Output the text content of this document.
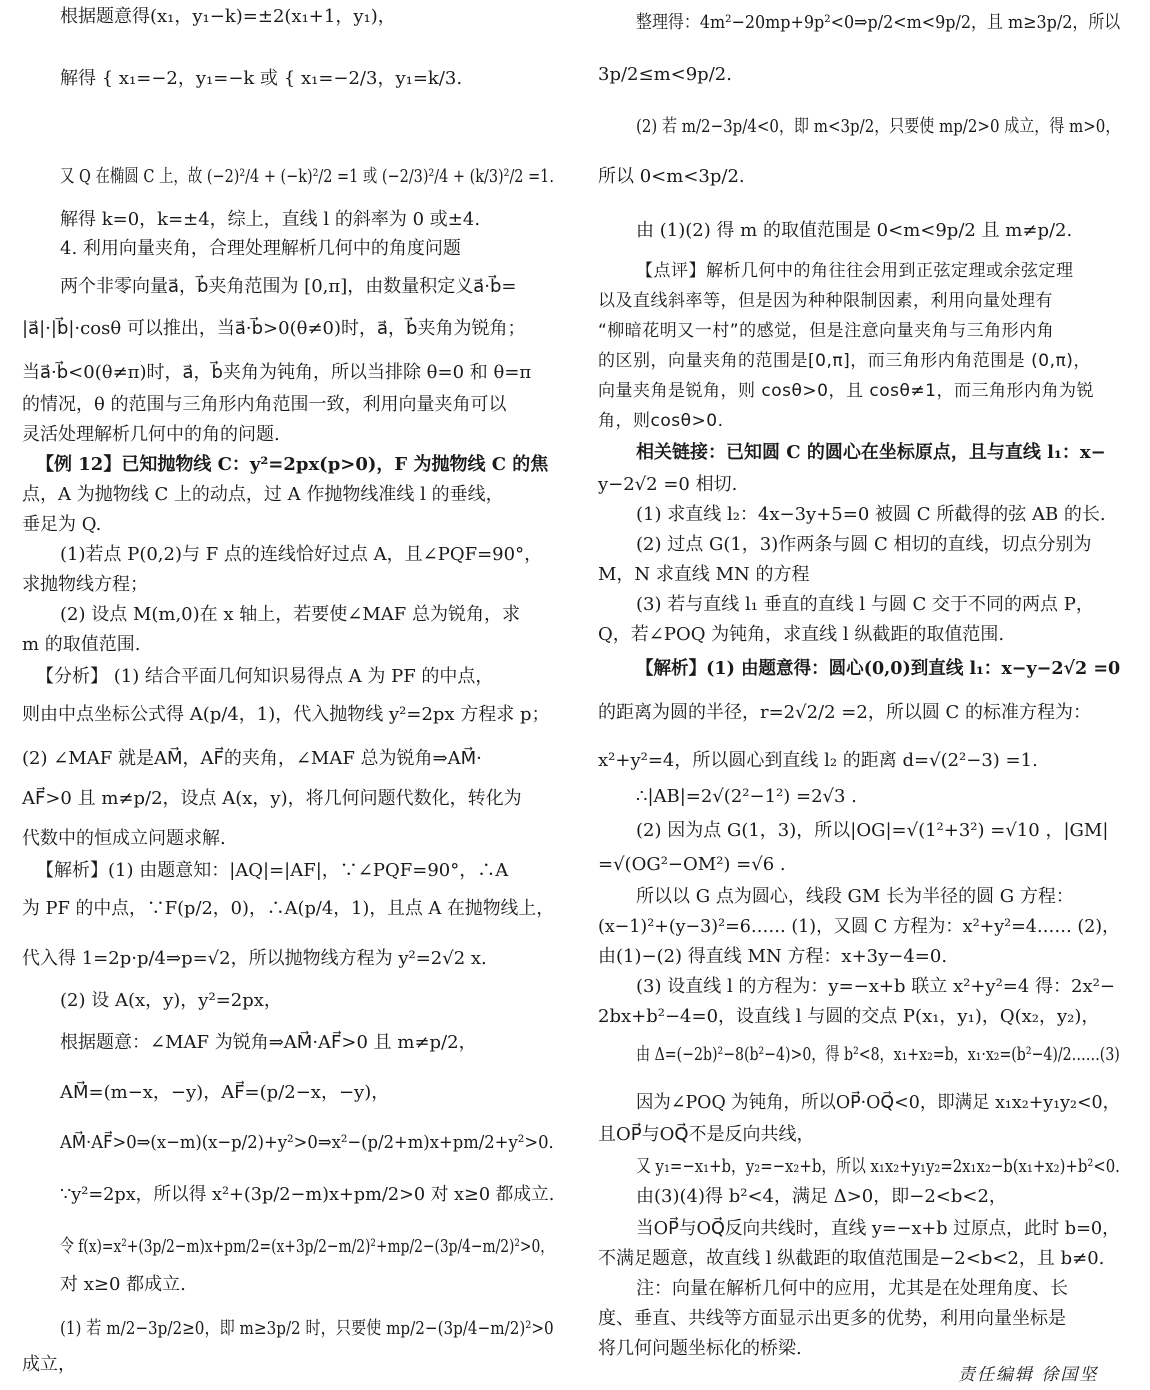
根据题意得(x₁，y₁−k)=±2(x₁+1，y₁)，
解得 { x₁=−2，y₁=−k 或 { x₁=−2/3，y₁=k/3.
又 Q 在椭圆 C 上，故 (−2)²/4 + (−k)²/2 =1 或 (−2/3)²/4 + (k/3)²/2 =1.
解得 k=0，k=±4，综上，直线 l 的斜率为 0 或±4.
4. 利用向量夹角，合理处理解析几何中的角度问题
两个非零向量a⃗，b⃗夹角范围为 [0,π]，由数量积定义a⃗·b⃗=
|a⃗|·|b⃗|·cosθ 可以推出，当a⃗·b⃗>0(θ≠0)时，a⃗，b⃗夹角为锐角；
当a⃗·b⃗<0(θ≠π)时，a⃗，b⃗夹角为钝角，所以当排除 θ=0 和 θ=π
的情况，θ 的范围与三角形内角范围一致，利用向量夹角可以
灵活处理解析几何中的角的问题.
【例 12】已知抛物线 C：y²=2px(p>0)，F 为抛物线 C 的焦
点，A 为抛物线 C 上的动点，过 A 作抛物线准线 l 的垂线，
垂足为 Q.
(1)若点 P(0,2)与 F 点的连线恰好过点 A，且∠PQF=90°，
求抛物线方程；
(2) 设点 M(m,0)在 x 轴上，若要使∠MAF 总为锐角，求
m 的取值范围.
【分析】 (1) 结合平面几何知识易得点 A 为 PF 的中点，
则由中点坐标公式得 A(p/4，1)，代入抛物线 y²=2px 方程求 p；
(2) ∠MAF 就是AM⃗，AF⃗的夹角，∠MAF 总为锐角⇒AM⃗·
AF⃗>0 且 m≠p/2，设点 A(x，y)，将几何问题代数化，转化为
代数中的恒成立问题求解.
【解析】(1) 由题意知：|AQ|=|AF|，∵∠PQF=90°，∴A
为 PF 的中点，∵F(p/2，0)，∴A(p/4，1)，且点 A 在抛物线上，
代入得 1=2p·p/4⇒p=√2，所以抛物线方程为 y²=2√2 x.
(2) 设 A(x，y)，y²=2px，
根据题意：∠MAF 为锐角⇒AM⃗·AF⃗>0 且 m≠p/2，
AM⃗=(m−x，−y)，AF⃗=(p/2−x，−y)，
AM⃗·AF⃗>0⇒(x−m)(x−p/2)+y²>0⇒x²−(p/2+m)x+pm/2+y²>0.
∵y²=2px，所以得 x²+(3p/2−m)x+pm/2>0 对 x≥0 都成立.
令 f(x)=x²+(3p/2−m)x+pm/2=(x+3p/2−m/2)²+mp/2−(3p/4−m/2)²>0，
对 x≥0 都成立.
(1) 若 m/2−3p/2≥0，即 m≥3p/2 时，只要使 mp/2−(3p/4−m/2)²>0
成立，
整理得：4m²−20mp+9p²<0⇒p/2<m<9p/2，且 m≥3p/2，所以
3p/2≤m<9p/2.
(2) 若 m/2−3p/4<0，即 m<3p/2，只要使 mp/2>0 成立，得 m>0，
所以 0<m<3p/2.
由 (1)(2) 得 m 的取值范围是 0<m<9p/2 且 m≠p/2.
【点评】解析几何中的角往往会用到正弦定理或余弦定理
以及直线斜率等，但是因为种种限制因素，利用向量处理有
“柳暗花明又一村”的感觉，但是注意向量夹角与三角形内角
的区别，向量夹角的范围是[0,π]，而三角形内角范围是 (0,π)，
向量夹角是锐角，则 cosθ>0，且 cosθ≠1，而三角形内角为锐
角，则cosθ>0.
相关链接：已知圆 C 的圆心在坐标原点，且与直线 l₁：x−
y−2√2 =0 相切.
(1) 求直线 l₂：4x−3y+5=0 被圆 C 所截得的弦 AB 的长.
(2) 过点 G(1，3)作两条与圆 C 相切的直线，切点分别为
M，N 求直线 MN 的方程
(3) 若与直线 l₁ 垂直的直线 l 与圆 C 交于不同的两点 P，
Q，若∠POQ 为钝角，求直线 l 纵截距的取值范围.
【解析】(1) 由题意得：圆心(0,0)到直线 l₁：x−y−2√2 =0
的距离为圆的半径，r=2√2/2 =2，所以圆 C 的标准方程为：
x²+y²=4，所以圆心到直线 l₂ 的距离 d=√(2²−3) =1.
∴|AB|=2√(2²−1²) =2√3 .
(2) 因为点 G(1，3)，所以|OG|=√(1²+3²) =√10 ，|GM|
=√(OG²−OM²) =√6 .
所以以 G 点为圆心，线段 GM 长为半径的圆 G 方程：
(x−1)²+(y−3)²=6…… (1)，又圆 C 方程为：x²+y²=4…… (2)，
由(1)−(2) 得直线 MN 方程：x+3y−4=0.
(3) 设直线 l 的方程为：y=−x+b 联立 x²+y²=4 得：2x²−
2bx+b²−4=0，设直线 l 与圆的交点 P(x₁，y₁)，Q(x₂，y₂)，
由 Δ=(−2b)²−8(b²−4)>0，得 b²<8，x₁+x₂=b，x₁·x₂=(b²−4)/2……(3)
因为∠POQ 为钝角，所以OP⃗·OQ⃗<0，即满足 x₁x₂+y₁y₂<0，
且OP⃗与OQ⃗不是反向共线，
又 y₁=−x₁+b，y₂=−x₂+b，所以 x₁x₂+y₁y₂=2x₁x₂−b(x₁+x₂)+b²<0.
由(3)(4)得 b²<4，满足 Δ>0，即−2<b<2，
当OP⃗与OQ⃗反向共线时，直线 y=−x+b 过原点，此时 b=0，
不满足题意，故直线 l 纵截距的取值范围是−2<b<2，且 b≠0.
注：向量在解析几何中的应用，尤其是在处理角度、长
度、垂直、共线等方面显示出更多的优势，利用向量坐标是
将几何问题坐标化的桥梁.
责任编辑 徐国坚
